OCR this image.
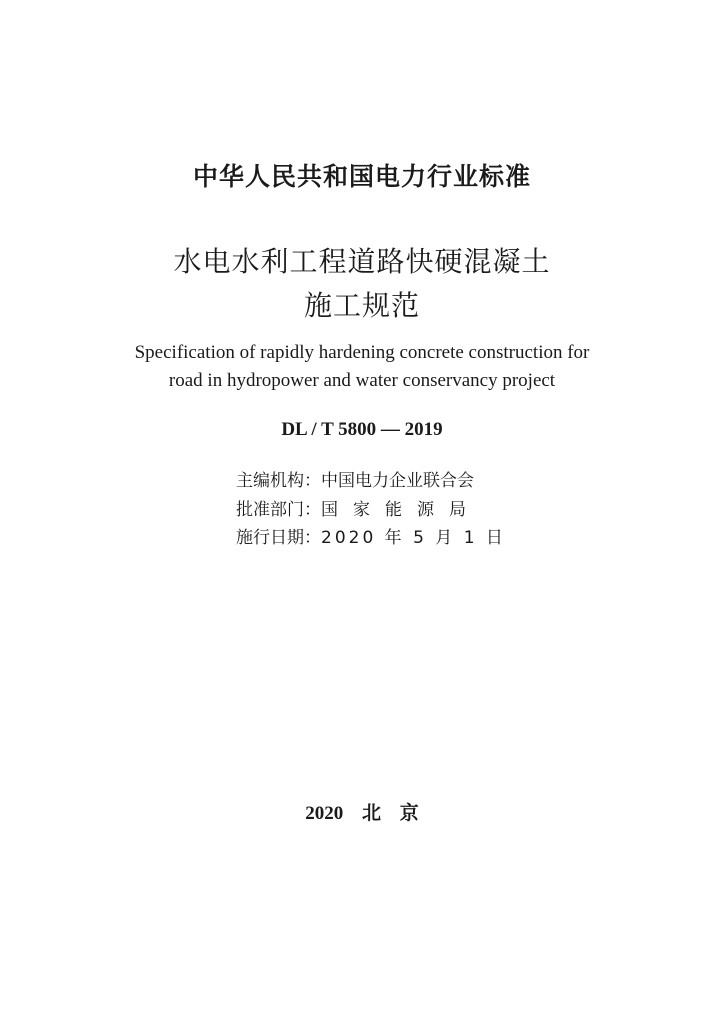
中华人民共和国电力行业标准
水电水利工程道路快硬混凝土
施工规范
Specification of rapidly hardening concrete construction for
road in hydropower and water conservancy project
DL / T 5800 — 2019
主编机构：中国电力企业联合会
批准部门：国家能源局
施行日期：2020 年 5 月 1 日
2020 北 京
